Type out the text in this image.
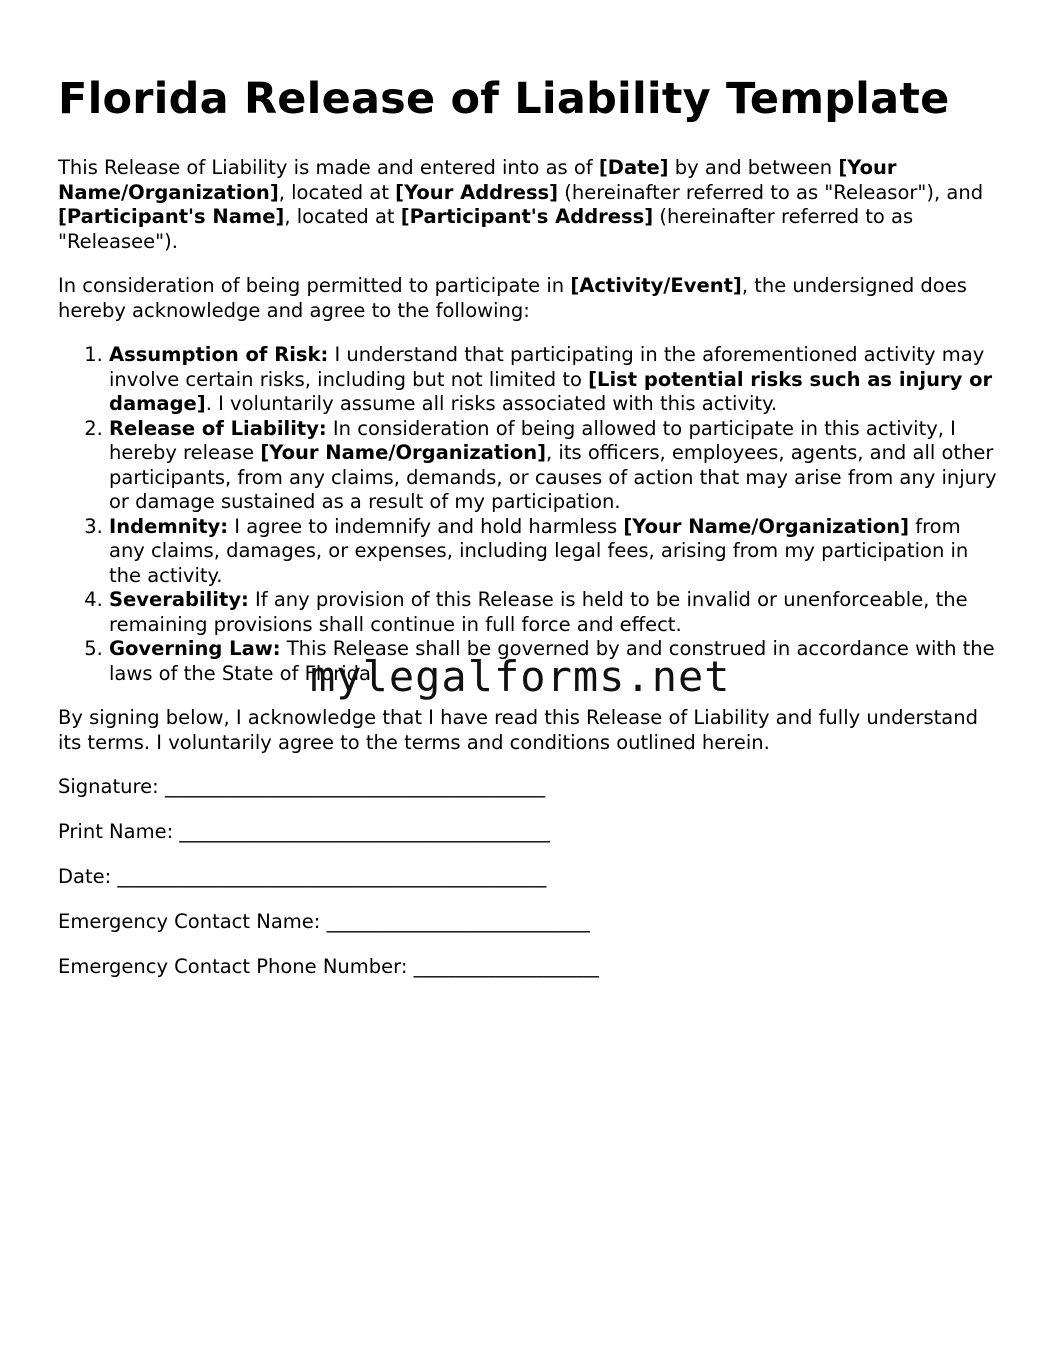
Florida Release of Liability Template

This Release of Liability is made and entered into as of [Date] by and between [Your Name/Organization], located at [Your Address] (hereinafter referred to as "Releasor"), and [Participant's Name], located at [Participant's Address] (hereinafter referred to as "Releasee").

In consideration of being permitted to participate in [Activity/Event], the undersigned does hereby acknowledge and agree to the following:

1. Assumption of Risk: I understand that participating in the aforementioned activity may involve certain risks, including but not limited to [List potential risks such as injury or damage]. I voluntarily assume all risks associated with this activity.
2. Release of Liability: In consideration of being allowed to participate in this activity, I hereby release [Your Name/Organization], its officers, employees, agents, and all other participants, from any claims, demands, or causes of action that may arise from any injury or damage sustained as a result of my participation.
3. Indemnity: I agree to indemnify and hold harmless [Your Name/Organization] from any claims, damages, or expenses, including legal fees, arising from my participation in the activity.
4. Severability: If any provision of this Release is held to be invalid or unenforceable, the remaining provisions shall continue in full force and effect.
5. Governing Law: This Release shall be governed by and construed in accordance with the laws of the State of Florida.

By signing below, I acknowledge that I have read this Release of Liability and fully understand its terms. I voluntarily agree to the terms and conditions outlined herein.

Signature: _______________________________________
Print Name: ______________________________________
Date: ____________________________________________
Emergency Contact Name: ___________________________
Emergency Contact Phone Number: ___________________
mylegalforms.net
